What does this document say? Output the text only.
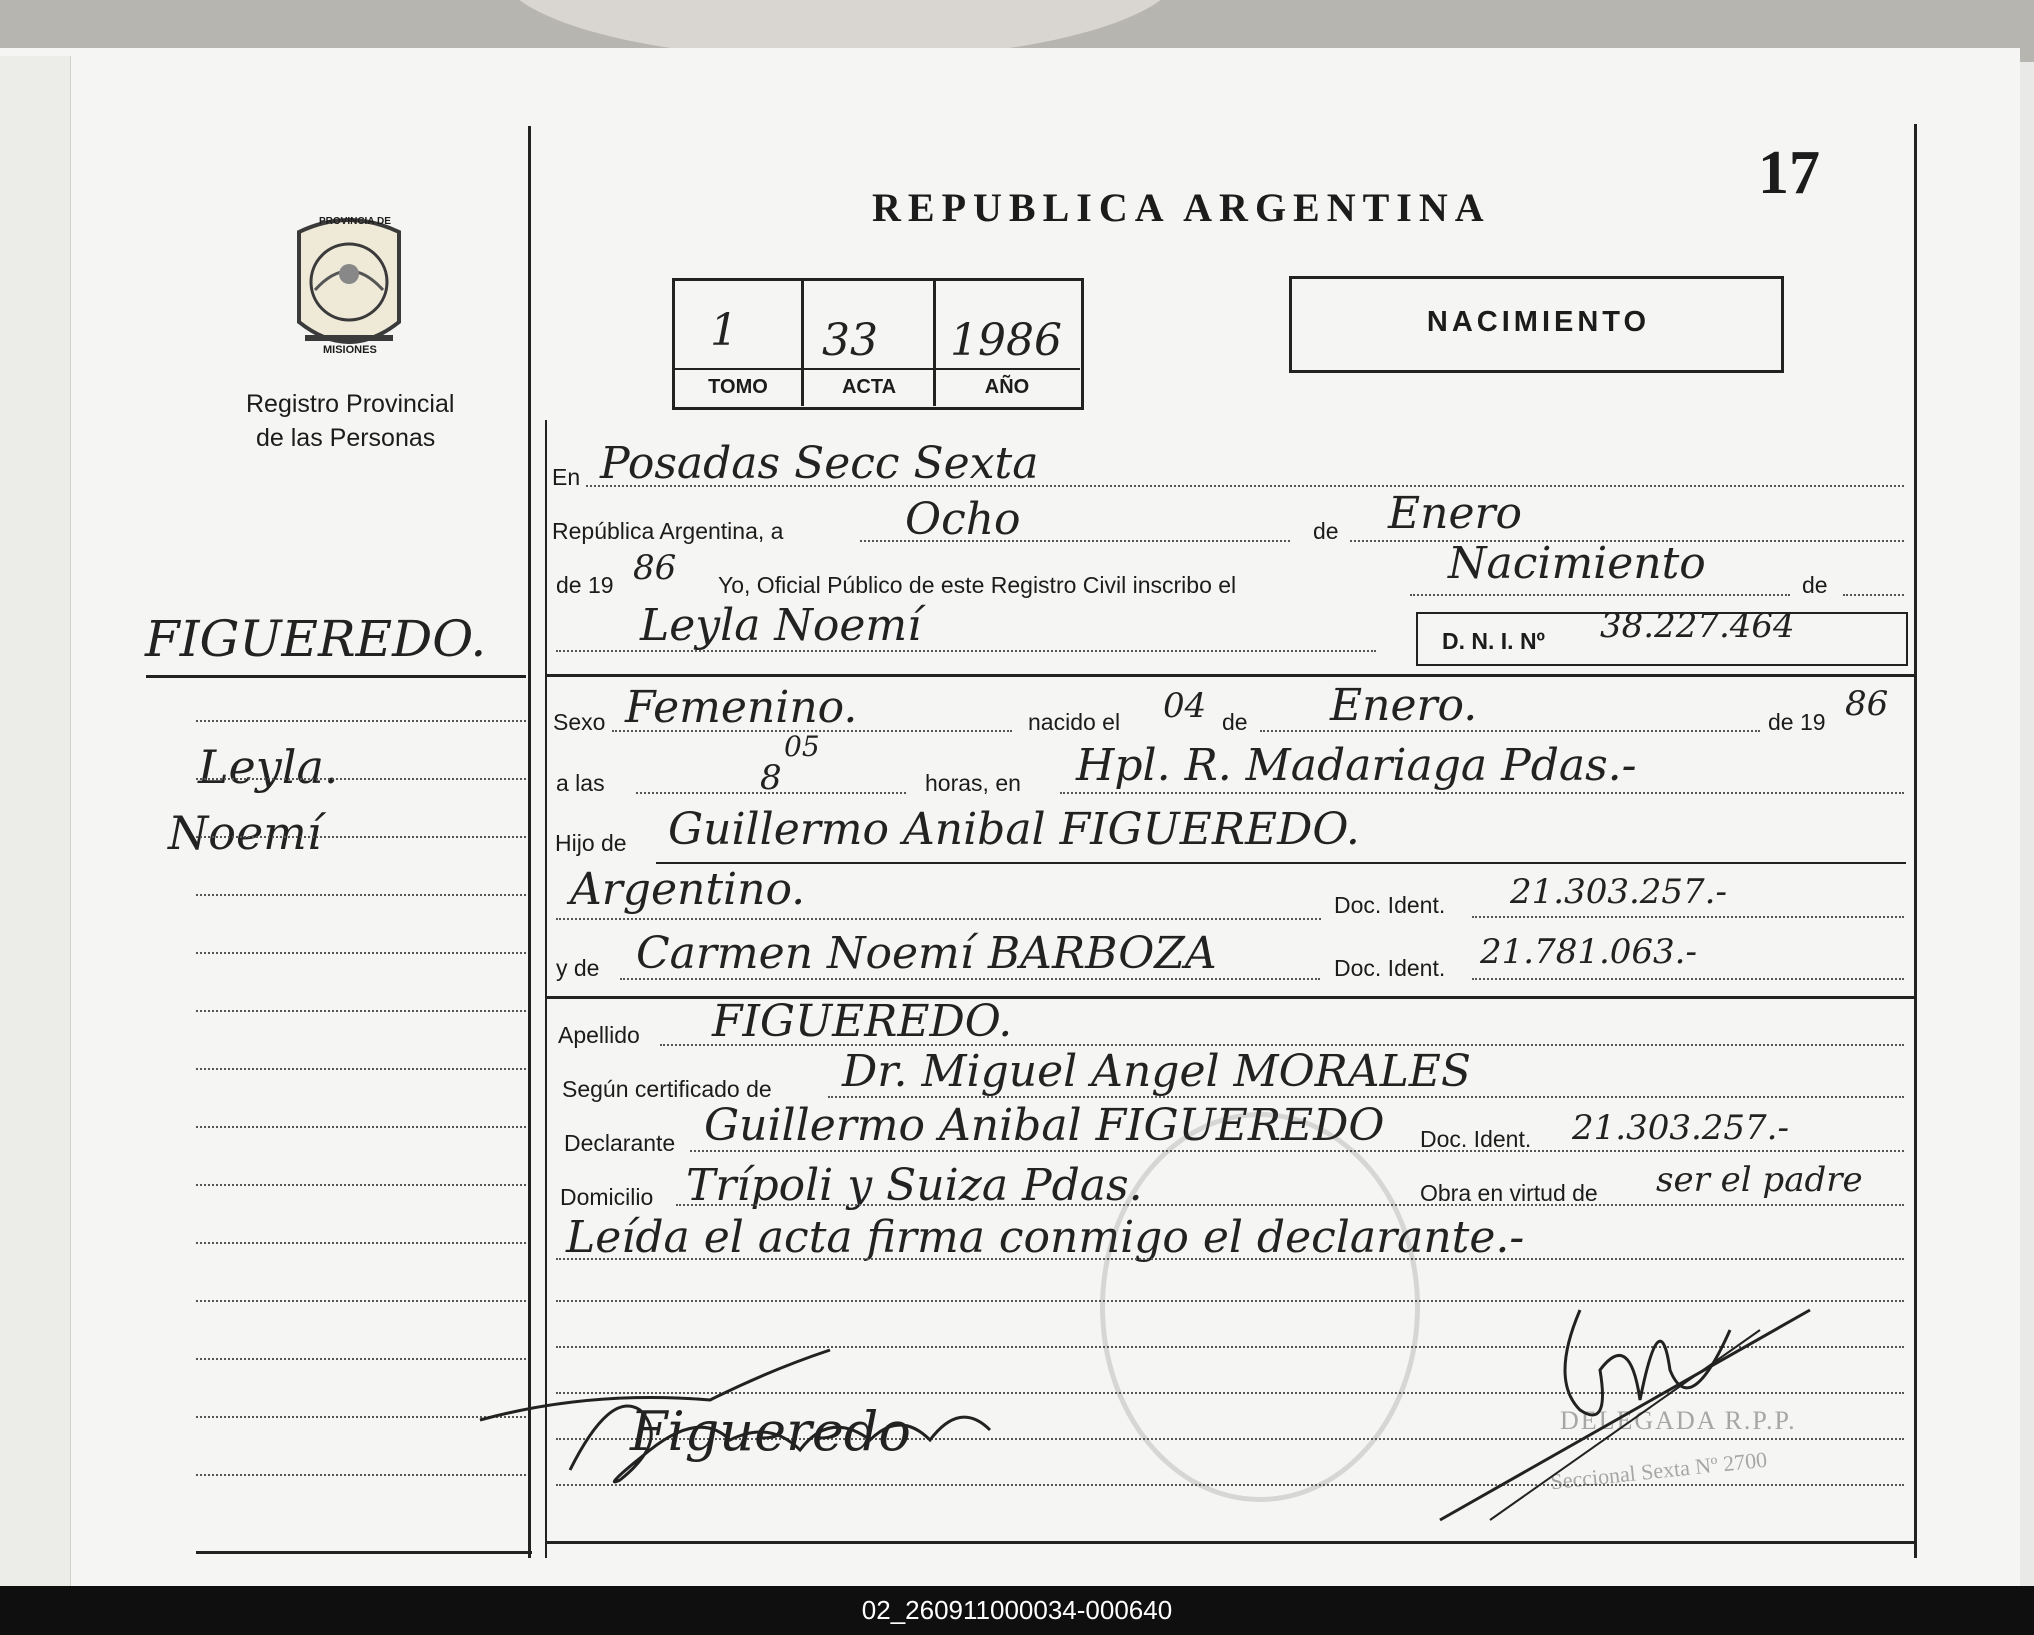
17
REPUBLICA ARGENTINA
PROVINCIA DE
MISIONES
Registro Provincial
de las Personas
1 33 1986
TOMO	ACTA	AÑO
NACIMIENTO
FIGUEREDO.
Leyla.
Noemí
En Posadas Secc Sexta
República Argentina, a	Ocho	de Enero
de 19 86 Yo, Oficial Público de este Registro Civil inscribo el	Nacimiento	de
Leyla Noemí	D. N. I. Nº 38.227.464
Sexo Femenino.	nacido el 04 de Enero.	de 19 86
a las	8
05
horas, en Hpl. R. Madariaga Pdas.-
Hijo de Guillermo Anibal FIGUEREDO.
Argentino.	Doc. Ident. 21.303.257.-
y de Carmen Noemí BARBOZA	Doc. Ident. 21.781.063.-
Apellido FIGUEREDO.
Según certificado de Dr. Miguel Angel MORALES
Declarante Guillermo Anibal FIGUEREDO Doc. Ident. 21.303.257.-
Domicilio Trípoli y Suiza Pdas.	Obra en virtud de ser el padre
Leída el acta firma conmigo el declarante.-
DELEGADA R.P.P.
Seccional Sexta Nº 2700
Figueredo
02_260911000034-000640
